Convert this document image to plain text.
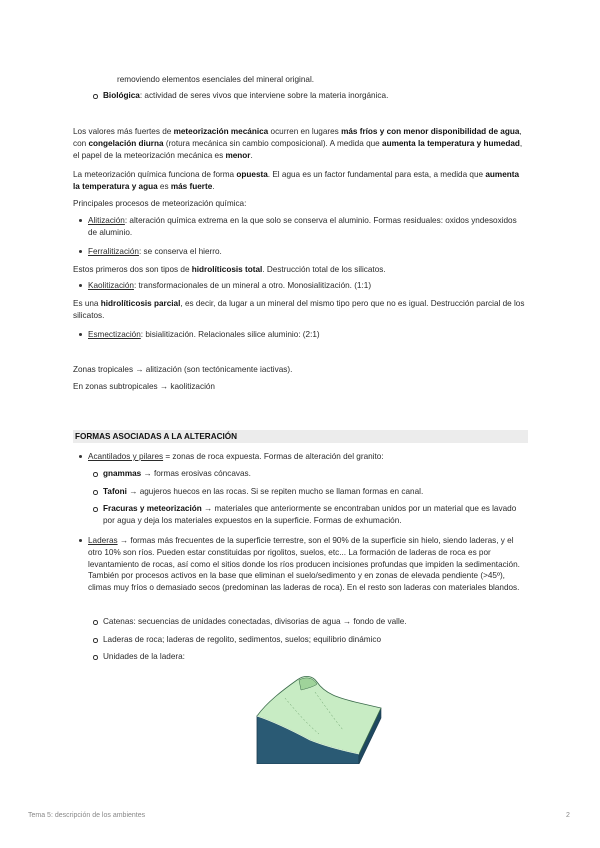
removiendo elementos esenciales del mineral original.
Biológica: actividad de seres vivos que interviene sobre la materia inorgánica.
Los valores más fuertes de meteorización mecánica ocurren en lugares más fríos y con menor disponibilidad de agua, con congelación diurna (rotura mecánica sin cambio composicional). A medida que aumenta la temperatura y humedad, el papel de la meteorización mecánica es menor.
La meteorización química funciona de forma opuesta. El agua es un factor fundamental para esta, a medida que aumenta la temperatura y agua es más fuerte.
Principales procesos de meteorización química:
Alitización: alteración química extrema en la que solo se conserva el aluminio. Formas residuales: oxidos yndesoxidos de aluminio.
Ferralitización: se conserva el hierro.
Estos primeros dos son tipos de hidrolíticosis total. Destrucción total de los silicatos.
Kaolitización: transformacionales de un mineral a otro. Monosialitización. (1:1)
Es una hidrolíticosis parcial, es decir, da lugar a un mineral del mismo tipo pero que no es igual. Destrucción parcial de los silicatos.
Esmectización: bisialitización. Relacionales silice aluminio: (2:1)
Zonas tropicales → alitización (son tectónicamente iactivas).
En zonas subtropicales → kaolitización
FORMAS ASOCIADAS A LA ALTERACIÓN
Acantilados y pilares = zonas de roca expuesta. Formas de alteración del granito:
gnammas → formas erosivas cóncavas.
Tafoni → agujeros huecos en las rocas. Si se repiten mucho se llaman formas en canal.
Fracuras y meteorización → materiales que anteriormente se encontraban unidos por un material que es lavado por agua y deja los materiales expuestos en la superficie. Formas de exhumación.
Laderas → formas más frecuentes de la superficie terrestre, son el 90% de la superficie sin hielo, siendo laderas, y el otro 10% son ríos. Pueden estar constituidas por rigolitos, suelos, etc... La formación de laderas de roca es por levantamiento de rocas, así como el sitios donde los ríos producen incisiones profundas que impiden la sedimentación. También por procesos activos en la base que eliminan el suelo/sedimento y en zonas de elevada pendiente (>45º), climas muy fríos o demasiado secos (predominan las laderas de roca). En el resto son laderas con materiales blandos.
Catenas: secuencias de unidades conectadas, divisorias de agua → fondo de valle.
Laderas de roca; laderas de regolito, sedimentos, suelos; equilibrio dinámico
Unidades de la ladera:
Tema 5: descripción de los ambientes	2
